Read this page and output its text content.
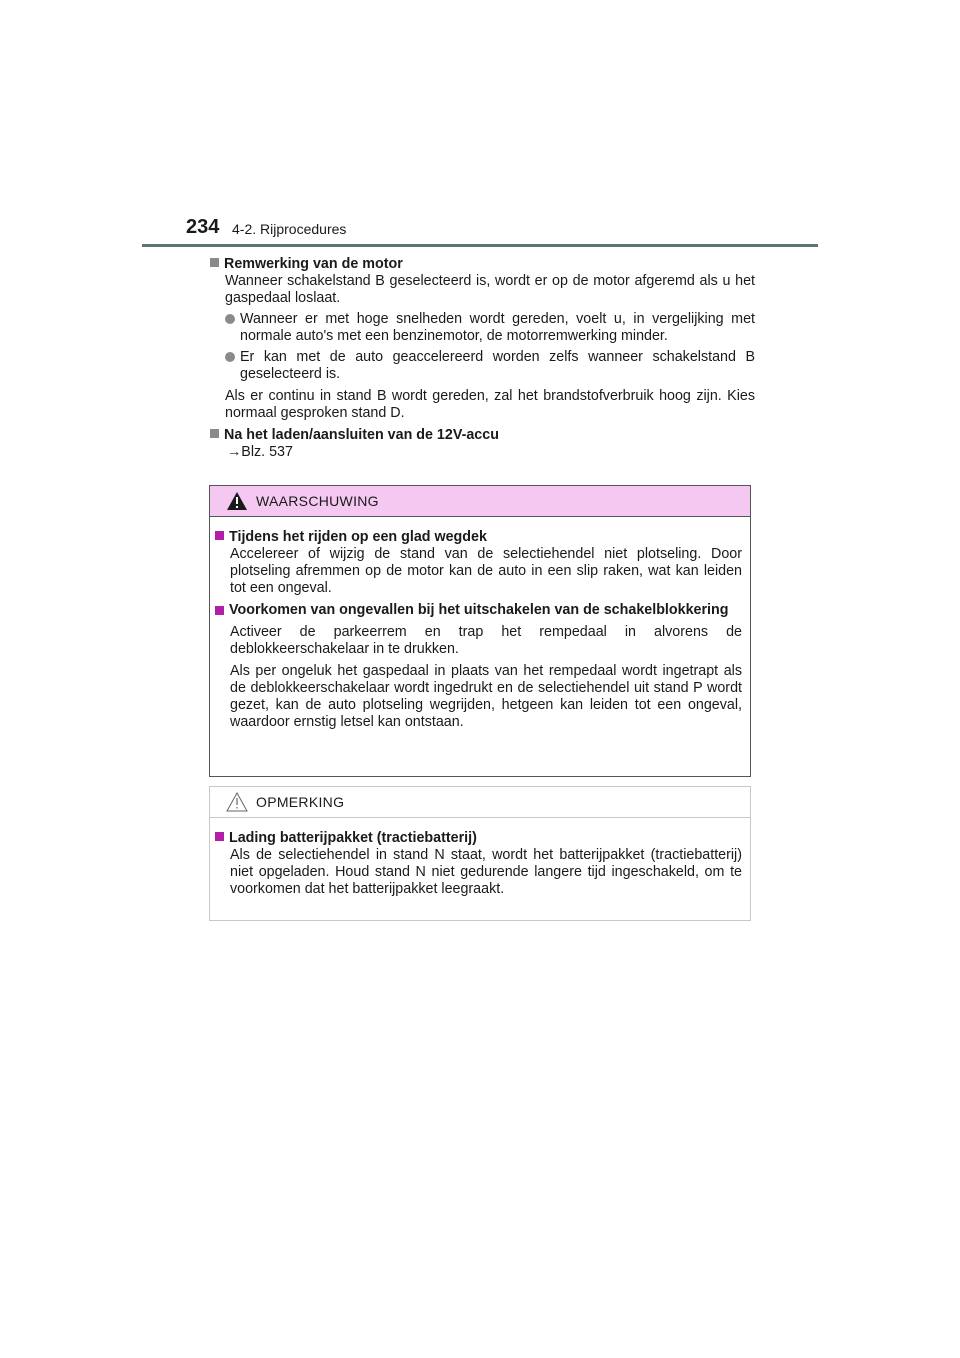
234 4-2. Rijprocedures
Remwerking van de motor

Wanneer schakelstand B geselecteerd is, wordt er op de motor afgeremd als u het gaspedaal loslaat.

Wanneer er met hoge snelheden wordt gereden, voelt u, in vergelijking met normale auto's met een benzinemotor, de motorremwerking minder.
Er kan met de auto geaccelereerd worden zelfs wanneer schakelstand B geselecteerd is.

Als er continu in stand B wordt gereden, zal het brandstofverbruik hoog zijn. Kies normaal gesproken stand D.

Na het laden/aansluiten van de 12V-accu

→Blz. 537

WAARSCHUWING
Tijdens het rijden op een glad wegdek

Accelereer of wijzig de stand van de selectiehendel niet plotseling. Door plotseling afremmen op de motor kan de auto in een slip raken, wat kan leiden tot een ongeval.

Voorkomen van ongevallen bij het uitschakelen van de schakelblokkering

Activeer de parkeerrem en trap het rempedaal in alvorens de deblokkeerschakelaar in te drukken.

Als per ongeluk het gaspedaal in plaats van het rempedaal wordt ingetrapt als de deblokkeerschakelaar wordt ingedrukt en de selectiehendel uit stand P wordt gezet, kan de auto plotseling wegrijden, hetgeen kan leiden tot een ongeval, waardoor ernstig letsel kan ontstaan.

OPMERKING
Lading batterijpakket (tractiebatterij)

Als de selectiehendel in stand N staat, wordt het batterijpakket (tractiebatterij) niet opgeladen. Houd stand N niet gedurende langere tijd ingeschakeld, om te voorkomen dat het batterijpakket leegraakt.
